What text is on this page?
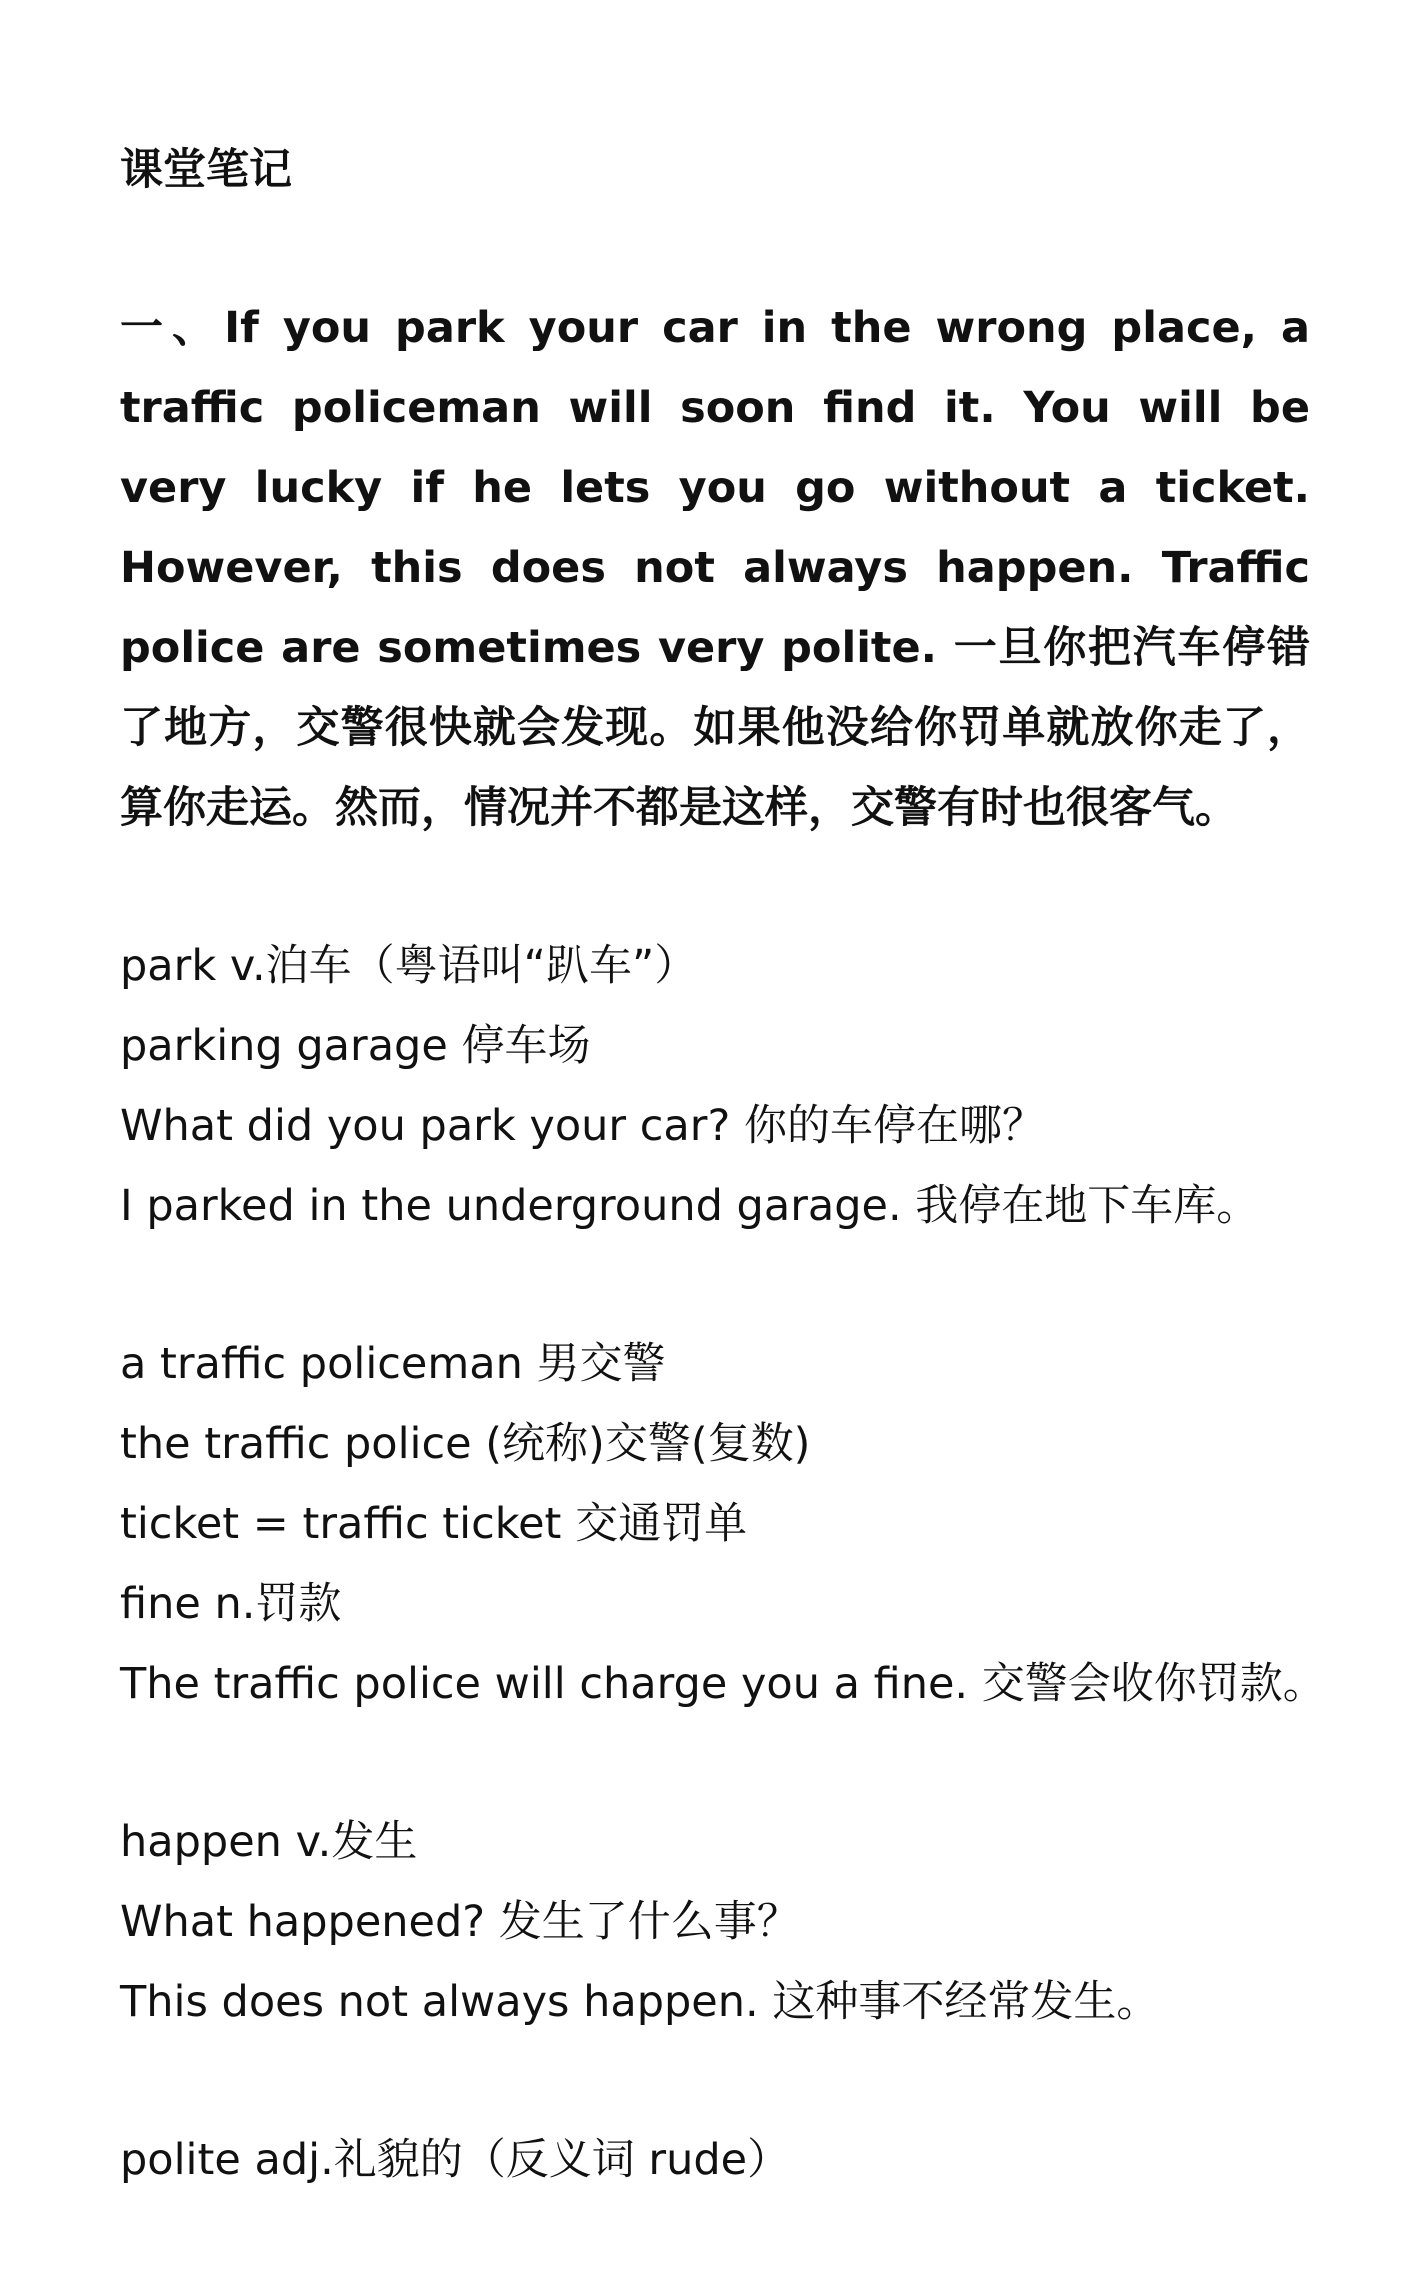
课堂笔记
一、If you park your car in the wrong place, a traffic policeman will soon find it. You will be very lucky if he lets you go without a ticket. However, this does not always happen. Traffic police are sometimes very polite. 一旦你把汽车停错了地方，交警很快就会发现。如果他没给你罚单就放你走了，算你走运。然而，情况并不都是这样，交警有时也很客气。
park v.泊车（粤语叫“趴车”）
parking garage 停车场
What did you park your car? 你的车停在哪？
I parked in the underground garage. 我停在地下车库。
a traffic policeman 男交警
the traffic police (统称)交警(复数)
ticket = traffic ticket 交通罚单
fine n.罚款
The traffic police will charge you a fine. 交警会收你罚款。
happen v.发生
What happened? 发生了什么事？
This does not always happen. 这种事不经常发生。
polite adj.礼貌的（反义词 rude）
